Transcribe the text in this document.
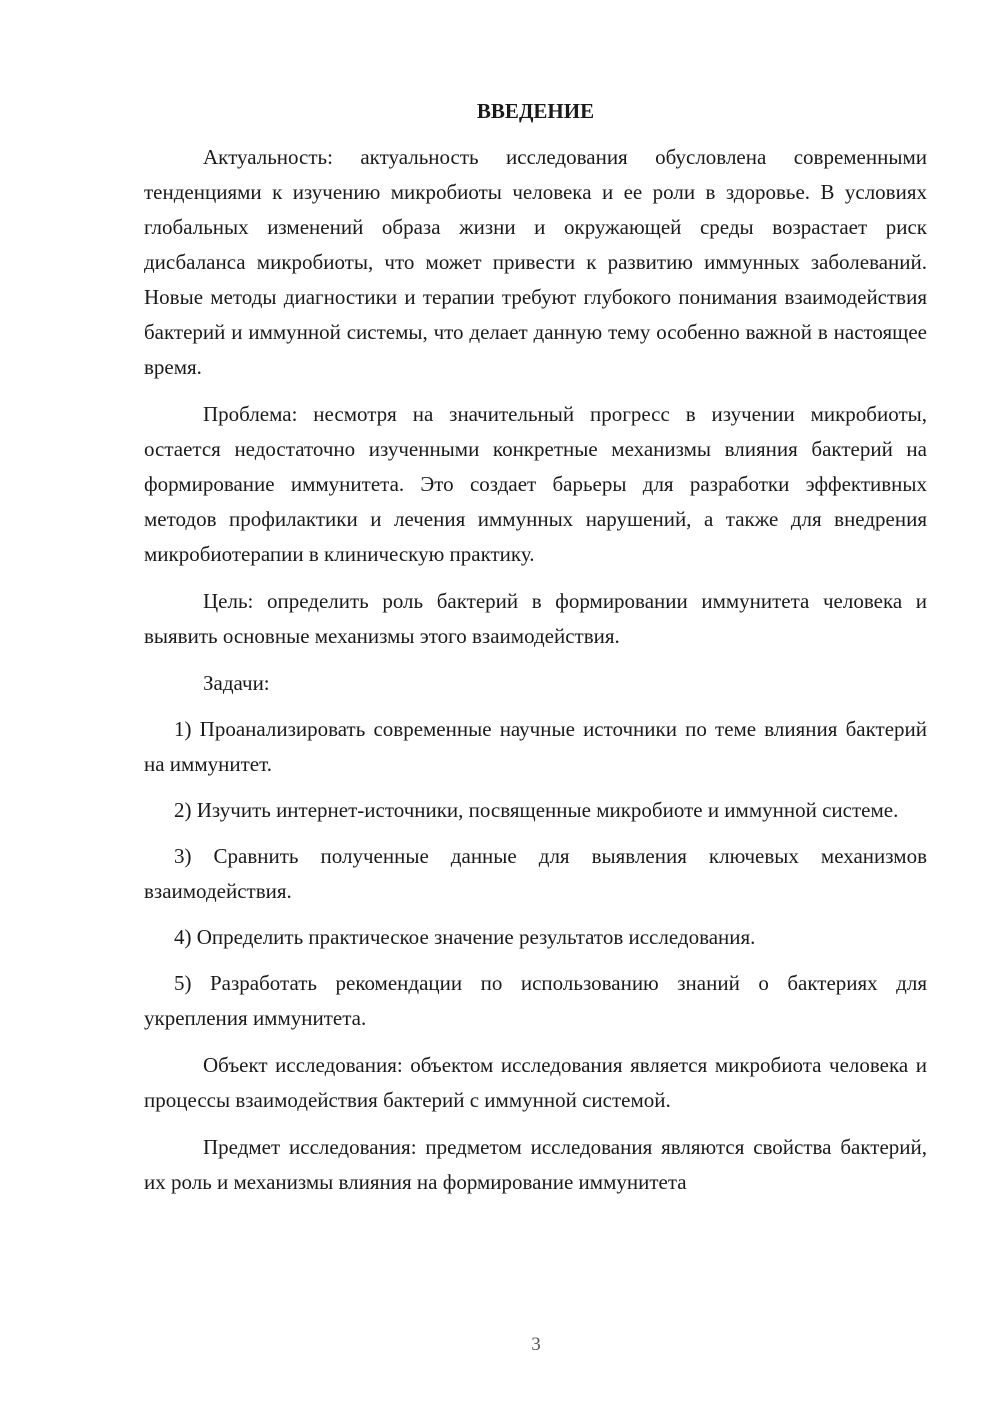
ВВЕДЕНИЕ

Актуальность: актуальность исследования обусловлена современными тенденциями к изучению микробиоты человека и ее роли в здоровье. В условиях глобальных изменений образа жизни и окружающей среды возрастает риск дисбаланса микробиоты, что может привести к развитию иммунных заболеваний. Новые методы диагностики и терапии требуют глубокого понимания взаимодействия бактерий и иммунной системы, что делает данную тему особенно важной в настоящее время.

Проблема: несмотря на значительный прогресс в изучении микробиоты, остается недостаточно изученными конкретные механизмы влияния бактерий на формирование иммунитета. Это создает барьеры для разработки эффективных методов профилактики и лечения иммунных нарушений, а также для внедрения микробиотерапии в клиническую практику.

Цель: определить роль бактерий в формировании иммунитета человека и выявить основные механизмы этого взаимодействия.

Задачи:

1) Проанализировать современные научные источники по теме влияния бактерий на иммунитет.

2) Изучить интернет-источники, посвященные микробиоте и иммунной системе.

3) Сравнить полученные данные для выявления ключевых механизмов взаимодействия.

4) Определить практическое значение результатов исследования.

5) Разработать рекомендации по использованию знаний о бактериях для укрепления иммунитета.

Объект исследования: объектом исследования является микробиота человека и процессы взаимодействия бактерий с иммунной системой.

Предмет исследования: предметом исследования являются свойства бактерий, их роль и механизмы влияния на формирование иммунитета

3
